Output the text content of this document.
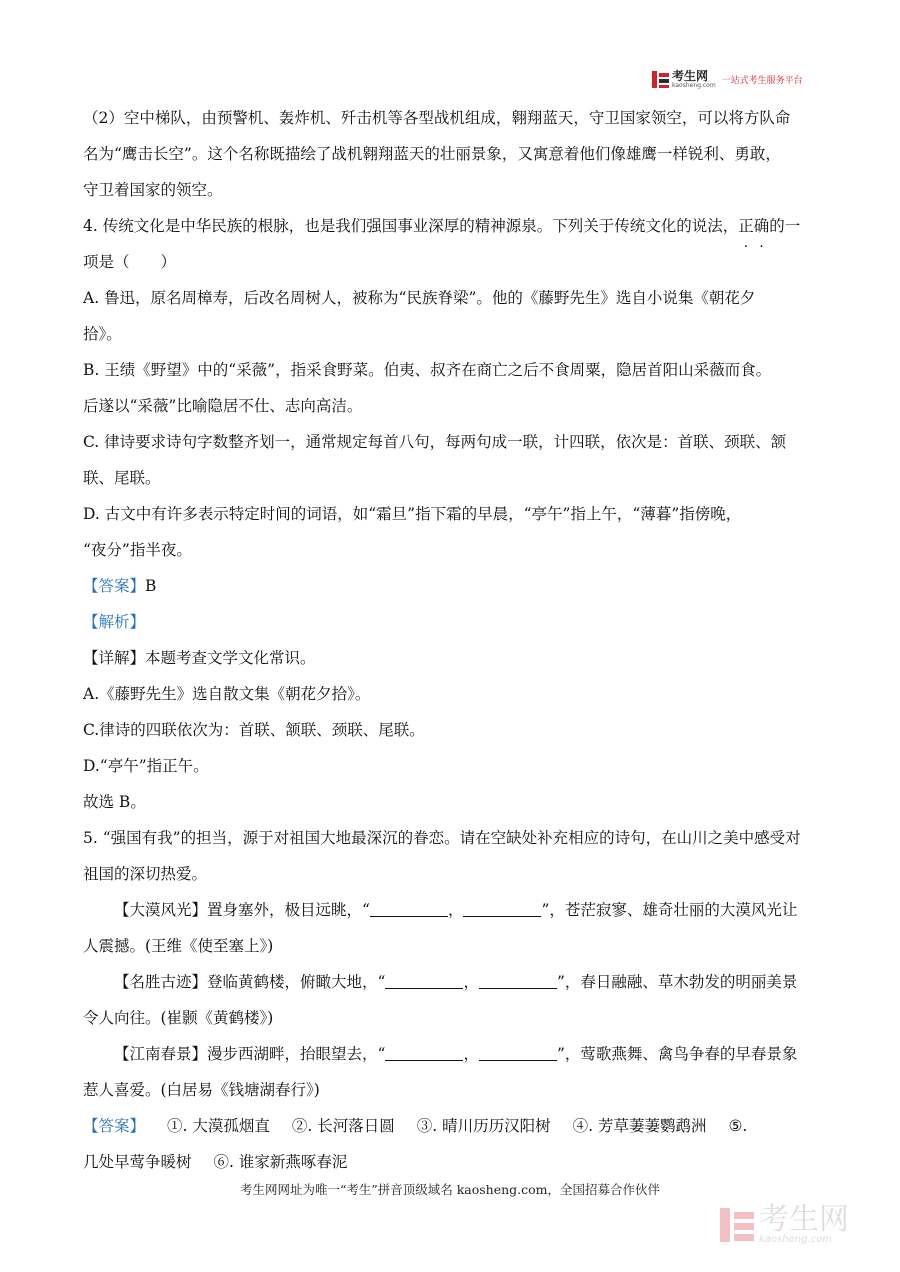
考生网
kaosheng.com 一站式考生服务平台

（2）空中梯队，由预警机、轰炸机、歼击机等各型战机组成，翱翔蓝天，守卫国家领空，可以将方队命

名为“鹰击长空”。这个名称既描绘了战机翱翔蓝天的壮丽景象，又寓意着他们像雄鹰一样锐利、勇敢，

守卫着国家的领空。

4. 传统文化是中华民族的根脉，也是我们强国事业深厚的精神源泉。下列关于传统文化的说法，正确的一

项是（　　）

A. 鲁迅，原名周樟寿，后改名周树人，被称为“民族脊梁”。他的《藤野先生》选自小说集《朝花夕

拾》。

B. 王绩《野望》中的“采薇”，指采食野菜。伯夷、叔齐在商亡之后不食周粟，隐居首阳山采薇而食。

后遂以“采薇”比喻隐居不仕、志向高洁。

C. 律诗要求诗句字数整齐划一，通常规定每首八句，每两句成一联，计四联，依次是：首联、颈联、颔

联、尾联。

D. 古文中有许多表示特定时间的词语，如“霜旦”指下霜的早晨，“亭午”指上午，“薄暮”指傍晚，

“夜分”指半夜。

【答案】B

【解析】

【详解】本题考查文学文化常识。

A.《藤野先生》选自散文集《朝花夕拾》。

C.律诗的四联依次为：首联、颔联、颈联、尾联。

D.“亭午”指正午。

故选 B。

5. “强国有我”的担当，源于对祖国大地最深沉的眷恋。请在空缺处补充相应的诗句，在山川之美中感受对

祖国的深切热爱。

【大漠风光】置身塞外，极目远眺，“	，	”，苍茫寂寥、雄奇壮丽的大漠风光让

人震撼。(王维《使至塞上》)

【名胜古迹】登临黄鹤楼，俯瞰大地，“	，	”，春日融融、草木勃发的明丽美景

令人向往。(崔颢《黄鹤楼》)

【江南春景】漫步西湖畔，抬眼望去，“	，	”，莺歌燕舞、禽鸟争春的早春景象

惹人喜爱。(白居易《钱塘湖春行》)

【答案】 ①. 大漠孤烟直 ②. 长河落日圆 ③. 晴川历历汉阳树 ④. 芳草萋萋鹦鹉洲 ⑤.

几处早莺争暖树 ⑥. 谁家新燕啄春泥

考生网网址为唯一“考生”拼音顶级域名 kaosheng.com，全国招募合作伙伴
考生网
kaosheng.com
